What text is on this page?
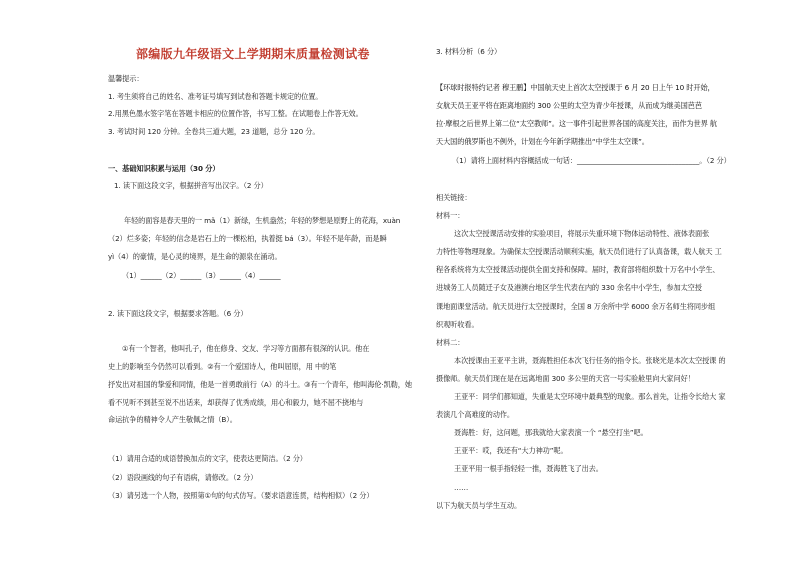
部编版九年级语文上学期期末质量检测试卷
温馨提示：
1. 考生须将自己的姓名、准考证号填写到试卷和答题卡规定的位置。
2.用黑色墨水签字笔在答题卡相应的位置作答，书写工整。在试题卷上作答无效。
3. 考试时间 120 分钟。全卷共三道大题，23 道题，总分 120 分。
一、基础知识积累与运用（30 分）
1. 读下面这段文字，根据拼音写出汉字。（2 分）
年轻的面容是春天里的一 mǎ（1）新绿，生机盎然；年轻的梦想是原野上的花海，xuàn
（2）烂多姿；年轻的信念是岩石上的一棵松柏，执着挺 bá（3）。年轻不是年龄，而是瞬
yì（4）的豪情，是心灵的境界，是生命的源泉在涌动。
（1）______（2）______（3）______（4）______
2. 读下面这段文字，根据要求答题。（6 分）
①有一个智者，他叫孔子，他在修身、交友、学习等方面都有很深的认识。他在
史上的影响至今仍然可以看到。②有一个爱国诗人，他叫屈原，用 中的笔
抒发出对祖国的挚爱和同情，他是一首勇敢前行（A）的斗士。③有一个青年，他叫海伦·凯勒，她
看不见听不到甚至说不出话来，却获得了优秀成绩，用心和毅力，她不屈不挠地与
命运抗争的精神令人产生敬佩之情（B）。
（1）请用合适的成语替换加点的文字，使表达更简洁。（2 分）
（2）语段画线的句子有语病，请修改。（2 分）
（3）请另选一个人物，按照第①句的句式仿写。（要求语意连贯，结构相似）（2 分）
3. 材料分析（6 分）
【环球时报特约记者 穆王鹏】中国航天史上首次太空授课于 6 月 20 日上午 10 时开始，
女航天员王亚平将在距离地面约 300 公里的太空为青少年授课，从而成为继美国芭芭
拉·摩根之后世界上第二位“太空教师”。这一事件引起世界各国的高度关注，而作为世界 航
天大国的俄罗斯也不例外，计划在今年新学期推出“中学生太空课”。
（1）请将上面材料内容概括成一句话：___________________________________。（2 分）
相关链接：
材料一：
这次太空授课活动安排的实验项目，将展示失重环境下物体运动特性、液体表面张
力特性等物理现象。为确保太空授课活动顺利实施，航天员们进行了认真备课，载人航天 工
程各系统将为太空授课活动提供全面支持和保障。届时，教育部将组织数十万名中小学生、
进城务工人员随迁子女及港澳台地区学生代表在内的 330 余名中小学生，参加太空授
课地面课堂活动。航天员进行太空授课时，全国 8 万余所中学 6000 余万名师生将同步组
织观听收看。
材料二：
本次授课由王亚平主讲，聂海胜担任本次飞行任务的指令长。张晓光是本次太空授课 的
摄像师。航天员们现在是在远离地面 300 多公里的天宫一号实验舱里向大家问好！
王亚平：同学们都知道，失重是太空环境中最典型的现象。那么首先，让指令长给大 家
表演几个高难度的动作。
聂海胜：好，这问题，那我就给大家表演一个 “悬空打坐”吧。
王亚平：哎，我还有“大力神功”呢。
王亚平用一根手指轻轻一推，聂海胜飞了出去。
……
以下为航天员与学生互动。
